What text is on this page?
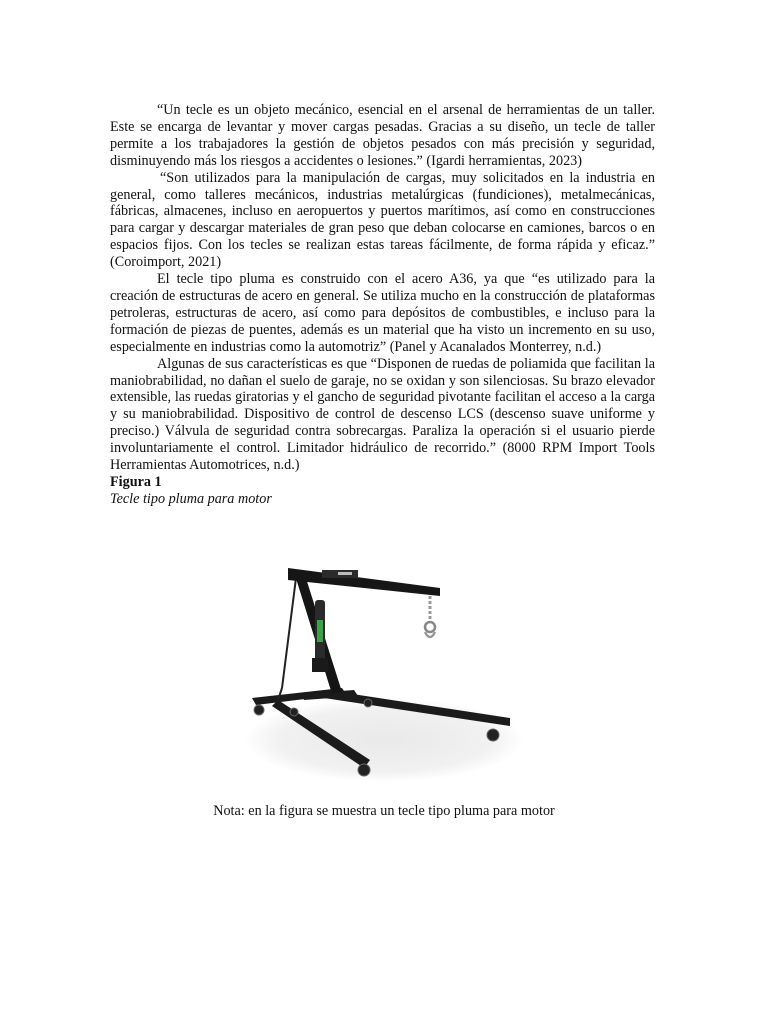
“Un tecle es un objeto mecánico, esencial en el arsenal de herramientas de un taller. Este se encarga de levantar y mover cargas pesadas. Gracias a su diseño, un tecle de taller permite a los trabajadores la gestión de objetos pesados con más precisión y seguridad, disminuyendo más los riesgos a accidentes o lesiones.” (Igardi herramientas, 2023)

“Son utilizados para la manipulación de cargas, muy solicitados en la industria en general, como talleres mecánicos, industrias metalúrgicas (fundiciones), metalmecánicas, fábricas, almacenes, incluso en aeropuertos y puertos marítimos, así como en construcciones para cargar y descargar materiales de gran peso que deban colocarse en camiones, barcos o en espacios fijos. Con los tecles se realizan estas tareas fácilmente, de forma rápida y eficaz.” (Coroimport, 2021)

El tecle tipo pluma es construido con el acero A36, ya que “es utilizado para la creación de estructuras de acero en general. Se utiliza mucho en la construcción de plataformas petroleras, estructuras de acero, así como para depósitos de combustibles, e incluso para la formación de piezas de puentes, además es un material que ha visto un incremento en su uso, especialmente en industrias como la automotriz” (Panel y Acanalados Monterrey, n.d.)

Algunas de sus características es que “Disponen de ruedas de poliamida que facilitan la maniobrabilidad, no dañan el suelo de garaje, no se oxidan y son silenciosas. Su brazo elevador extensible, las ruedas giratorias y el gancho de seguridad pivotante facilitan el acceso a la carga y su maniobrabilidad. Dispositivo de control de descenso LCS (descenso suave uniforme y preciso.) Válvula de seguridad contra sobrecargas. Paraliza la operación si el usuario pierde involuntariamente el control. Limitador hidráulico de recorrido.” (8000 RPM Import Tools Herramientas Automotrices, n.d.)

Figura 1

Tecle tipo pluma para motor

Nota: en la figura se muestra un tecle tipo pluma para motor
